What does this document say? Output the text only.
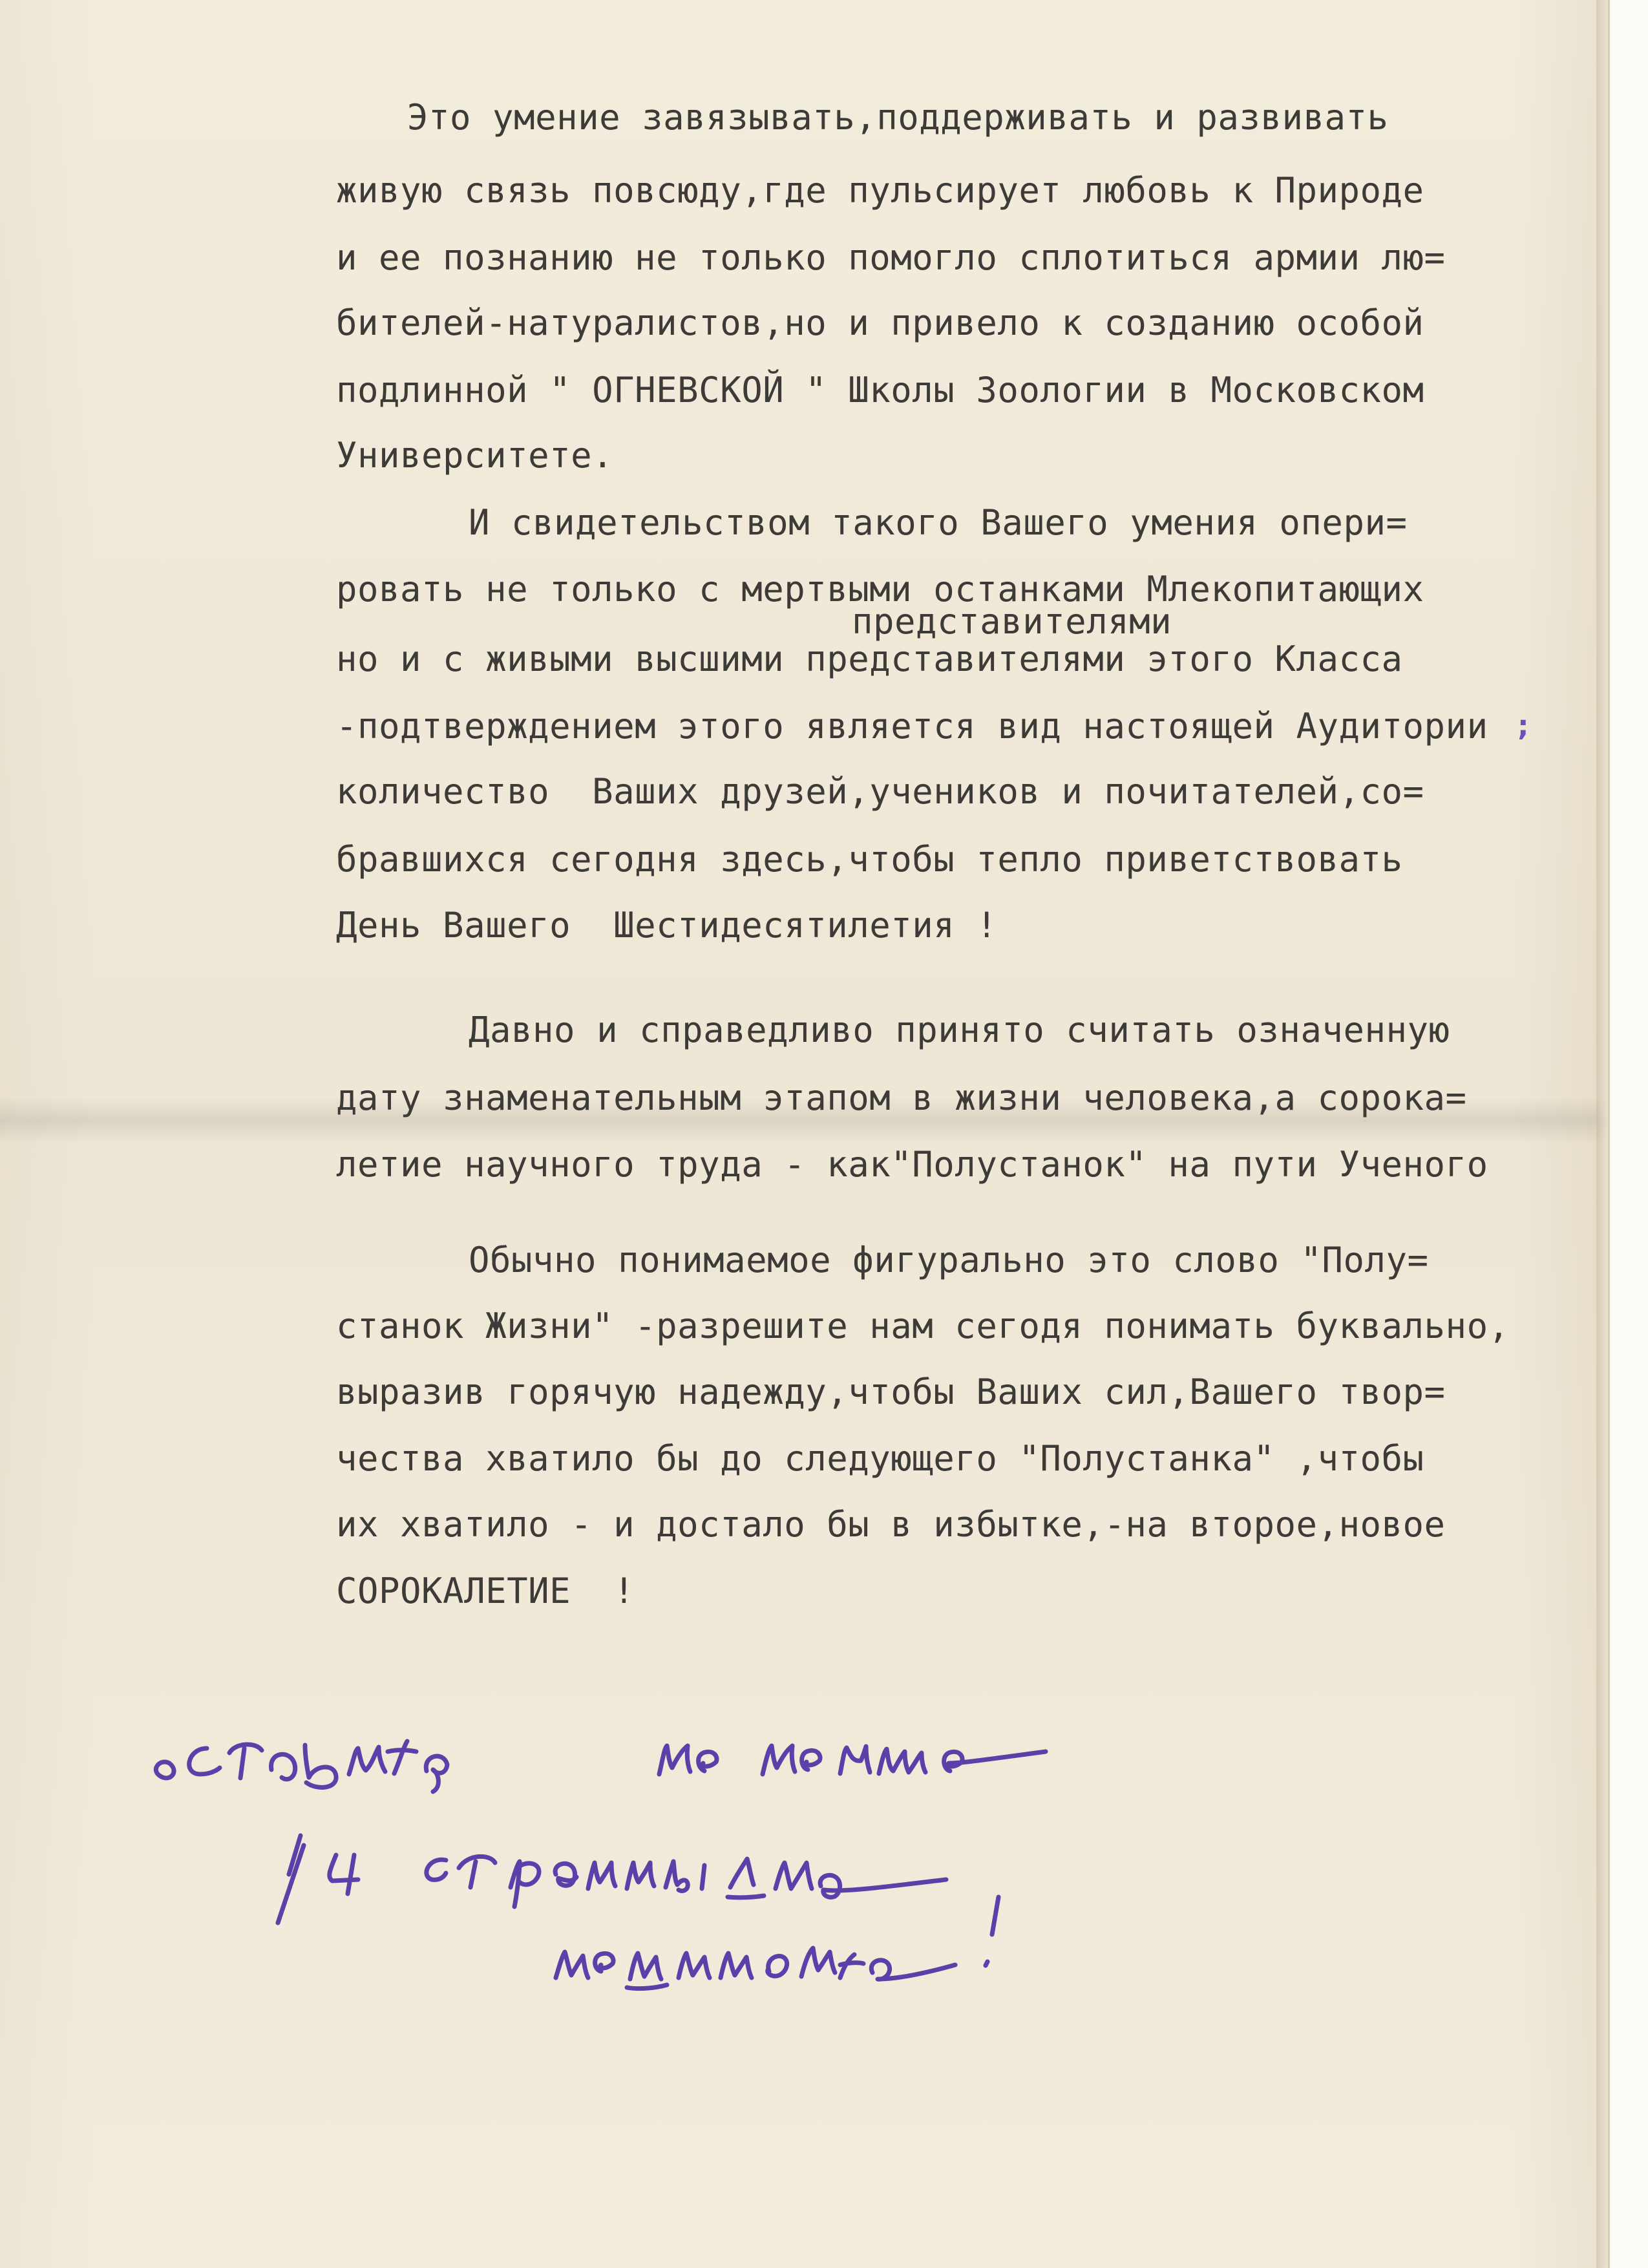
Это умение завязывать,поддерживать и развивать

живую связь повсюду,где пульсирует любовь к Природе

и ее познанию не только помогло сплотиться армии лю=

бителей-натуралистов,но и привело к созданию особой

подлинной " ОГНЕВСКОЙ " Школы Зоологии в Московском

Университете.

И свидетельством такого Вашего умения опери=

ровать не только с мертвыми останками Млекопитающих

представителями

но и с живыми высшими представителями этого Класса

-подтверждением этого является вид настоящей Аудитории ;

количество  Ваших друзей,учеников и почитателей,со=

бравшихся сегодня здесь,чтобы тепло приветствовать

День Вашего  Шестидесятилетия !

Давно и справедливо принято считать означенную

дату знаменательным этапом в жизни человека,а сорока=

летие научного труда - как"Полустанок" на пути Ученого

Обычно понимаемое фигурально это слово "Полу=

станок Жизни" -разрешите нам сегодя понимать буквально,

выразив горячую надежду,чтобы Ваших сил,Вашего твор=

чества хватило бы до следующего "Полустанка" ,чтобы

их хватило - и достало бы в избытке,-на второе,новое

СОРОКАЛЕТИЕ  !
